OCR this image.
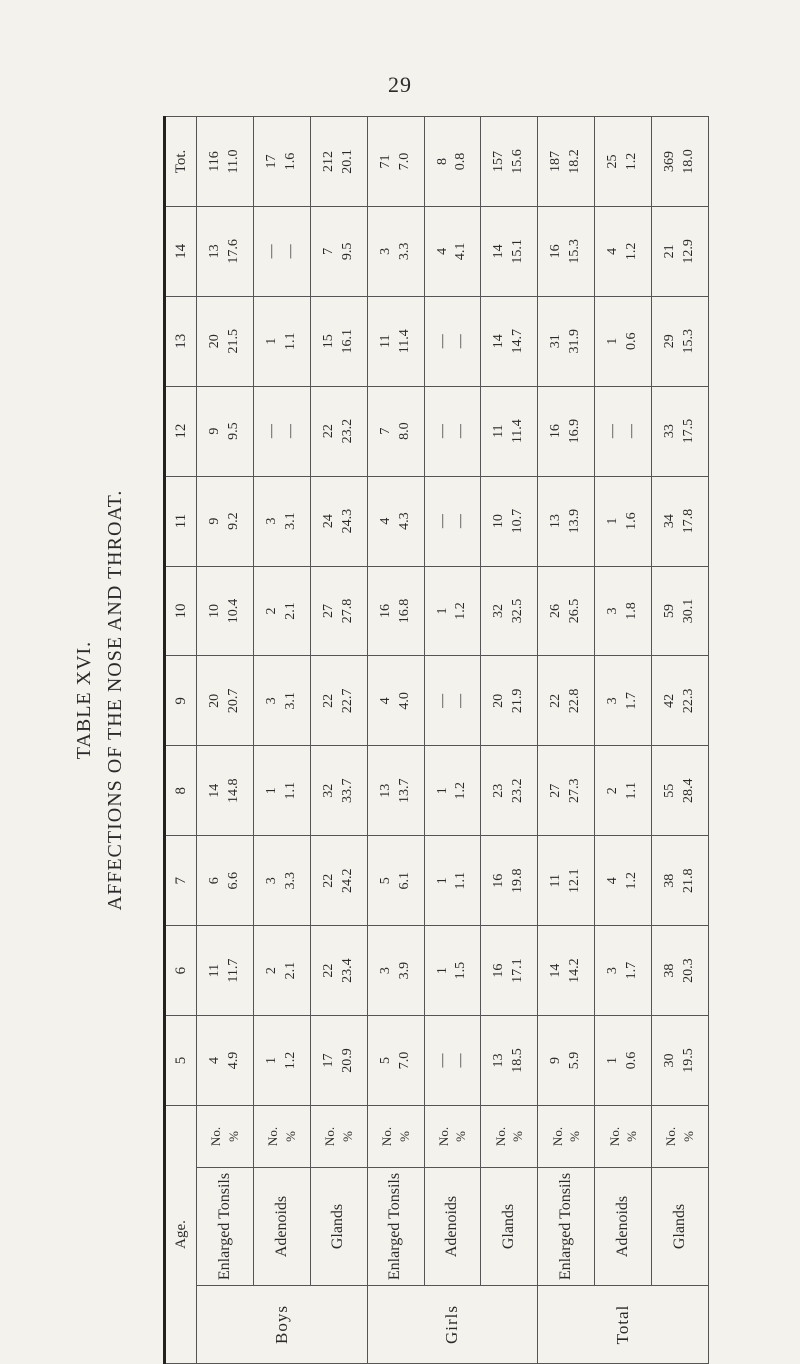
29
TABLE XVI. AFFECTIONS OF THE NOSE AND THROAT.
Age.			5	6	7	8	9	10	11	12	13	14	Tot.
Boys	Enlarged Tonsils	No. %	4 4.9	11 11.7	6 6.6	14 14.8	20 20.7	10 10.4	9 9.2	9 9.5	20 21.5	13 17.6	116 11.0

	Adenoids	No. %	1 1.2	2 2.1	3 3.3	1 1.1	3 3.1	2 2.1	3 3.1	— —	1 1.1	— —	17 1.6

	Glands	No. %	17 20.9	22 23.4	22 24.2	32 33.7	22 22.7	27 27.8	24 24.3	22 23.2	15 16.1	7 9.5	212 20.1

Girls	Enlarged Tonsils	No. %	5 7.0	3 3.9	5 6.1	13 13.7	4 4.0	16 16.8	4 4.3	7 8.0	11 11.4	3 3.3	71 7.0

	Adenoids	No. %	— —	1 1.5	1 1.1	1 1.2	— —	1 1.2	— —	— —	— —	4 4.1	8 0.8

	Glands	No. %	13 18.5	16 17.1	16 19.8	23 23.2	20 21.9	32 32.5	10 10.7	11 11.4	14 14.7	14 15.1	157 15.6

Total	Enlarged Tonsils	No. %	9 5.9	14 14.2	11 12.1	27 27.3	22 22.8	26 26.5	13 13.9	16 16.9	31 31.9	16 15.3	187 18.2

	Adenoids	No. %	1 0.6	3 1.7	4 1.2	2 1.1	3 1.7	3 1.8	1 1.6	— —	1 0.6	4 1.2	25 1.2

	Glands	No. %	30 19.5	38 20.3	38 21.8	55 28.4	42 22.3	59 30.1	34 17.8	33 17.5	29 15.3	21 12.9	369 18.0
